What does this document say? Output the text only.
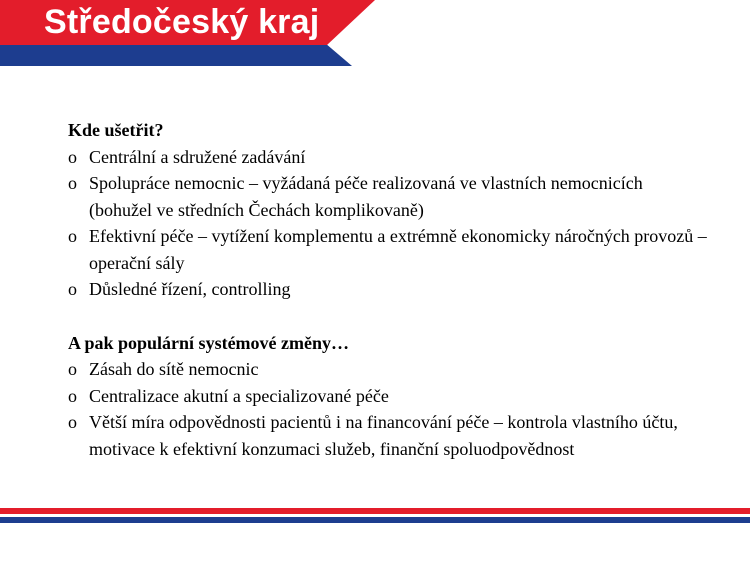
Středočeský kraj

Kde ušetřit?

o Centrální a sdružené zadávání
o Spolupráce nemocnic – vyžádaná péče realizovaná ve vlastních nemocnicích (bohužel ve středních Čechách komplikovaně)
o Efektivní péče – vytížení komplementu a extrémně ekonomicky náročných provozů – operační sály
o Důsledné řízení, controlling

A pak populární systémové změny…

o Zásah do sítě nemocnic
o Centralizace akutní a specializované péče
o Větší míra odpovědnosti pacientů i na financování péče – kontrola vlastního účtu, motivace k efektivní konzumaci služeb, finanční spoluodpovědnost
